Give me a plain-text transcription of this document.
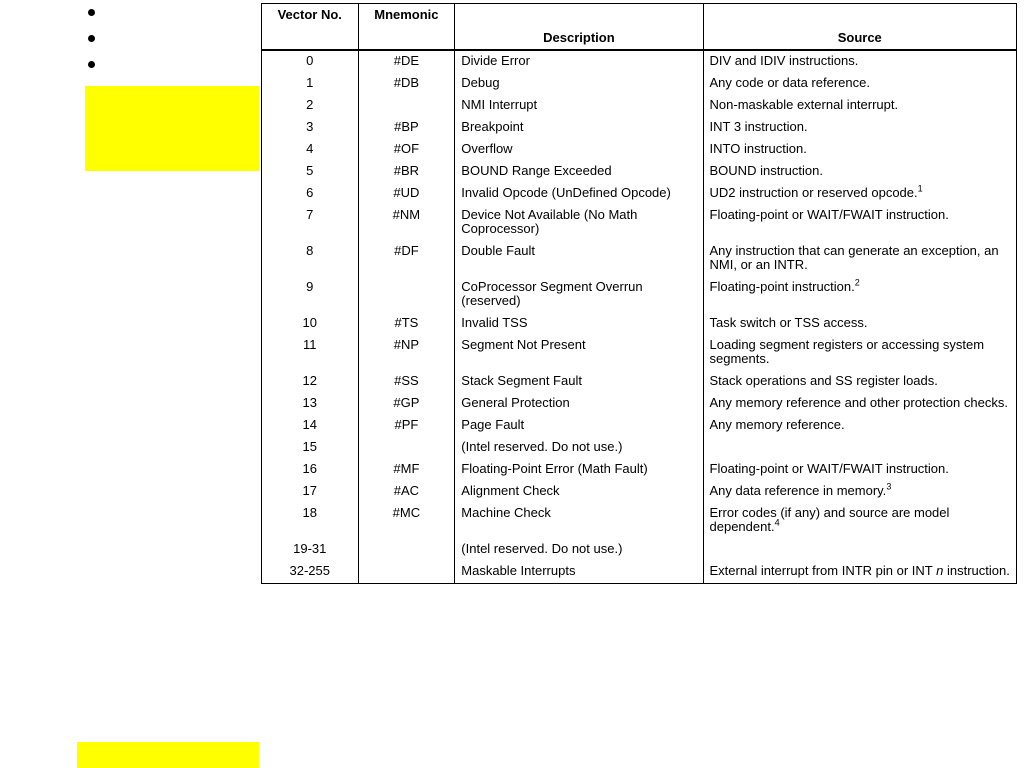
Vector No.	Mnemonic	Description	Source
0	#DE	Divide Error	DIV and IDIV instructions.
1	#DB	Debug	Any code or data reference.
2		NMI Interrupt	Non-maskable external interrupt.
3	#BP	Breakpoint	INT 3 instruction.
4	#OF	Overflow	INTO instruction.
5	#BR	BOUND Range Exceeded	BOUND instruction.
6	#UD	Invalid Opcode (UnDefined Opcode)	UD2 instruction or reserved opcode.$^1$
7	#NM	Device Not Available (No Math Coprocessor)	Floating-point or WAIT/FWAIT instruction.
8	#DF	Double Fault	Any instruction that can generate an exception, an NMI, or an INTR.
9		CoProcessor Segment Overrun (reserved)	Floating-point instruction.$^2$
10	#TS	Invalid TSS	Task switch or TSS access.
11	#NP	Segment Not Present	Loading segment registers or accessing system segments.
12	#SS	Stack Segment Fault	Stack operations and SS register loads.
13	#GP	General Protection	Any memory reference and other protection checks.
14	#PF	Page Fault	Any memory reference.
15		(Intel reserved. Do not use.)	
16	#MF	Floating-Point Error (Math Fault)	Floating-point or WAIT/FWAIT instruction.
17	#AC	Alignment Check	Any data reference in memory.$^3$
18	#MC	Machine Check	Error codes (if any) and source are model dependent.$^4$
19-31		(Intel reserved. Do not use.)	
32-255		Maskable Interrupts	External interrupt from INTR pin or INT n instruction.
